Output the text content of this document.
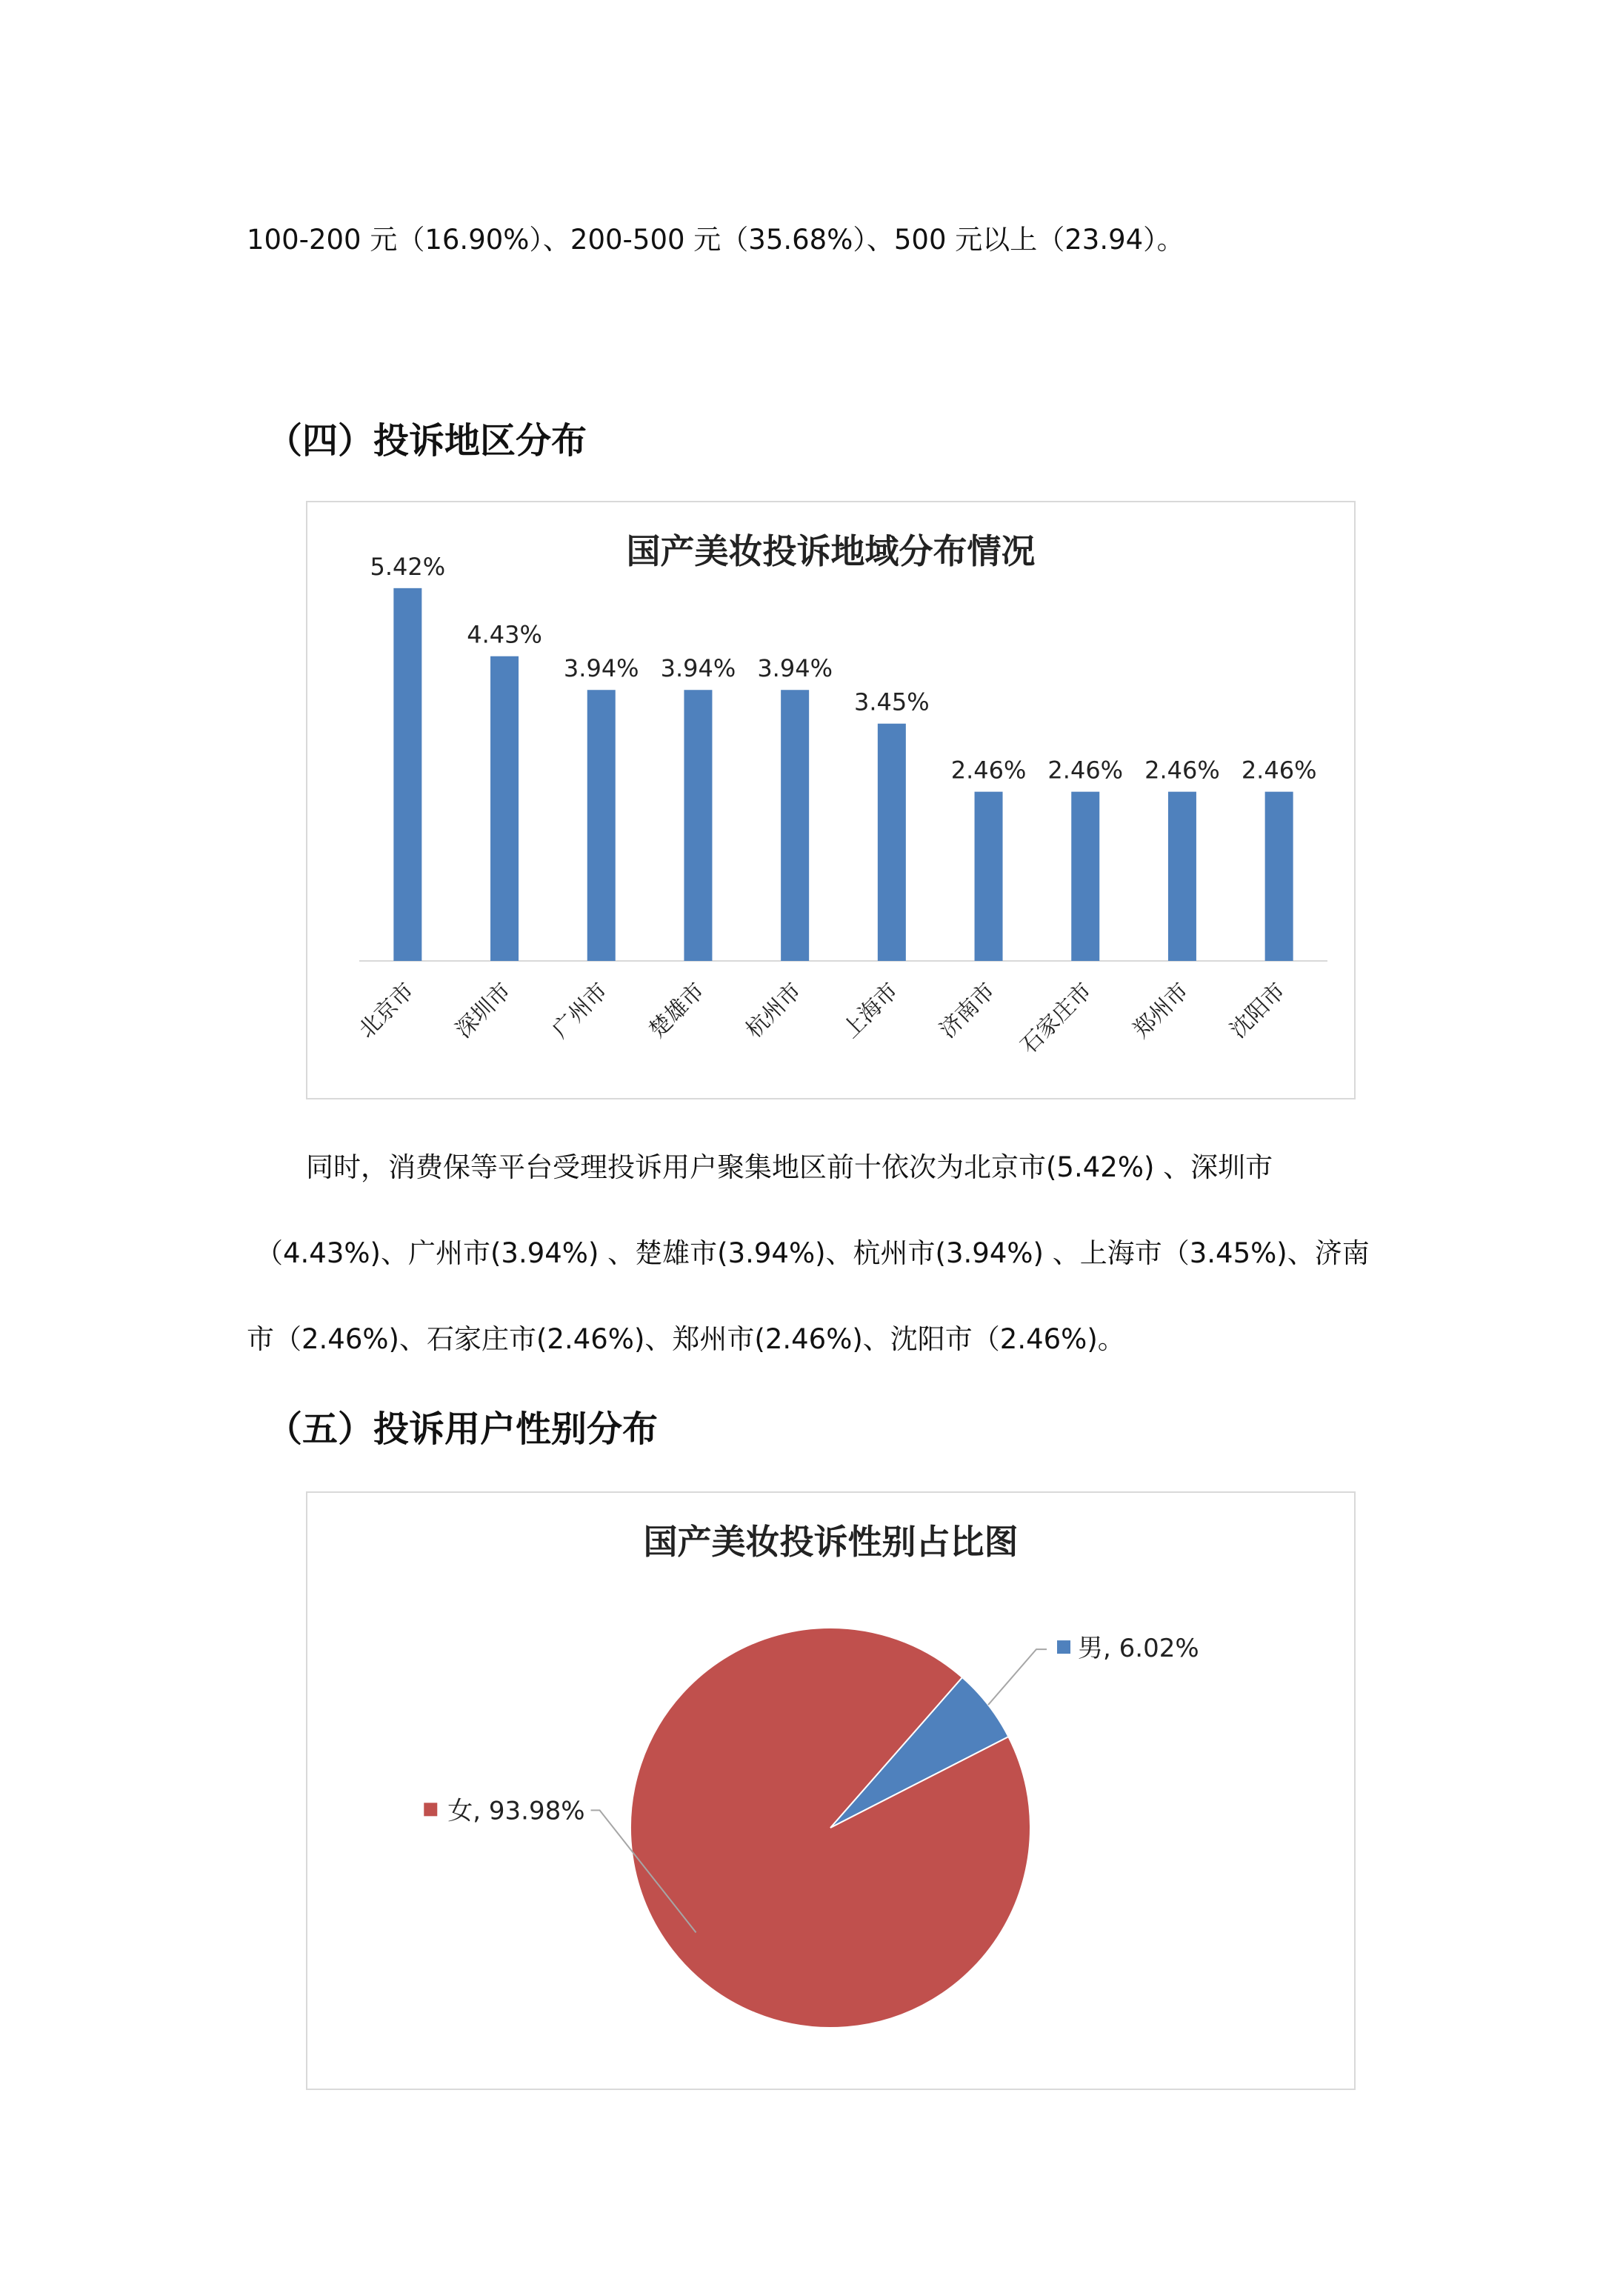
100-200 元（16.90%）、200-500 元（35.68%）、500 元以上（23.94）。
（四）投诉地区分布
国产美妆投诉地域分布情况
5.42%
北京市
4.43%
深圳市
3.94%
广州市
3.94%
楚雄市
3.94%
杭州市
3.45%
上海市
2.46%
济南市
2.46%
石家庄市
2.46%
郑州市
2.46%
沈阳市
同时，消费保等平台受理投诉用户聚集地区前十依次为北京市(5.42%) 、深圳市
（4.43%)、广州市(3.94%) 、楚雄市(3.94%)、杭州市(3.94%) 、上海市（3.45%)、济南
市（2.46%)、石家庄市(2.46%)、郑州市(2.46%)、沈阳市（2.46%)。
（五）投诉用户性别分布
国产美妆投诉性别占比图
男, 6.02%
女, 93.98%
